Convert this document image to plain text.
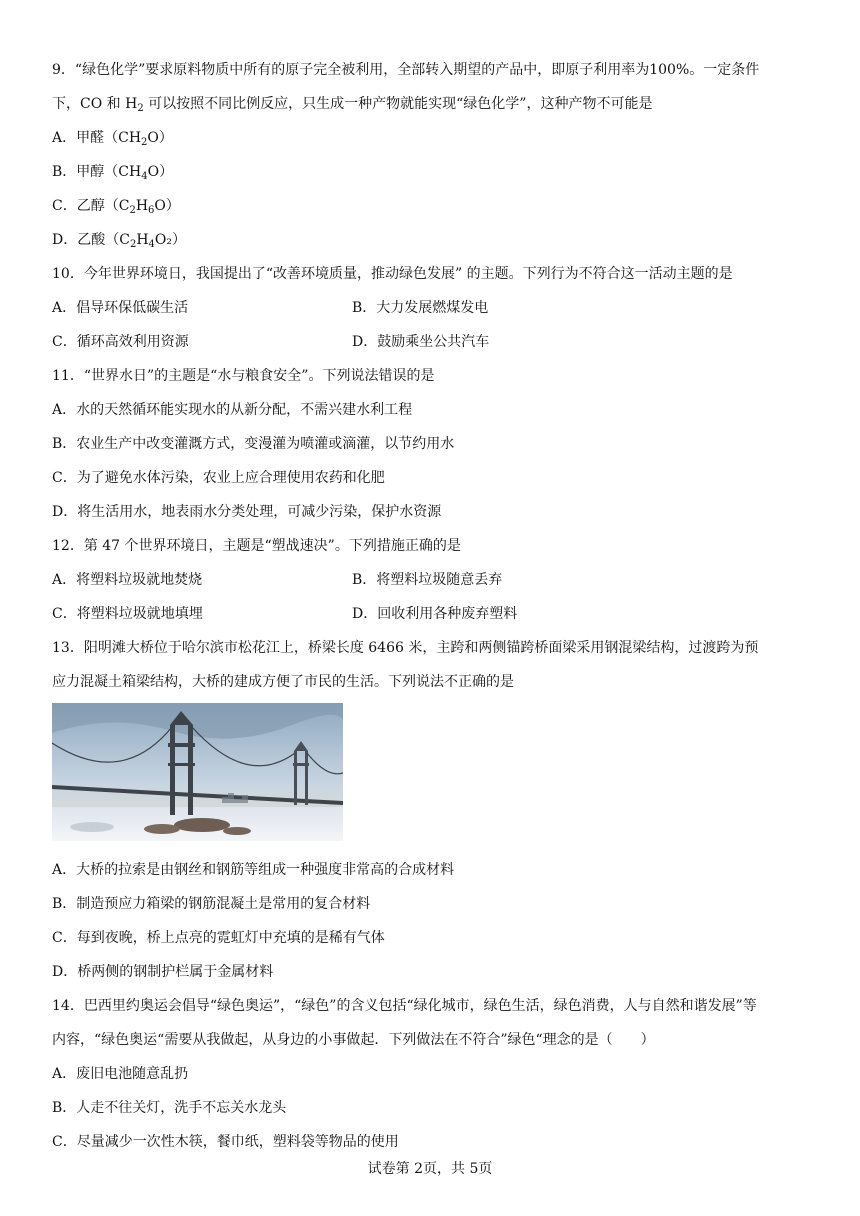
9．“绿色化学”要求原料物质中所有的原子完全被利用，全部转入期望的产品中，即原子利用率为100%。一定条件
下，CO 和 $H_2$ 可以按照不同比例反应，只生成一种产物就能实现“绿色化学”，这种产物不可能是
A．甲醛$(CH_2O)$
B．甲醇$(CH_4O)$
C．乙醇$(C_2H_6O)$
D．乙酸$(C_2H_4O_2)$
10．今年世界环境日，我国提出了“改善环境质量，推动绿色发展” 的主题。下列行为不符合这一活动主题的是
A．倡导环保低碳生活	B．大力发展燃煤发电
C．循环高效利用资源	D．鼓励乘坐公共汽车
11．“世界水日”的主题是“水与粮食安全”。下列说法错误的是
A．水的天然循环能实现水的从新分配，不需兴建水利工程
B．农业生产中改变灌溉方式，变漫灌为喷灌或滴灌，以节约用水
C．为了避免水体污染，农业上应合理使用农药和化肥
D．将生活用水，地表雨水分类处理，可减少污染，保护水资源
12．第 47 个世界环境日，主题是“塑战速决”。下列措施正确的是
A．将塑料垃圾就地焚烧	B．将塑料垃圾随意丢弃
C．将塑料垃圾就地填埋	D．回收利用各种废弃塑料
13．阳明滩大桥位于哈尔滨市松花江上，桥梁长度 6466 米，主跨和两侧锚跨桥面梁采用钢混梁结构，过渡跨为预
应力混凝土箱梁结构，大桥的建成方便了市民的生活。下列说法不正确的是
A．大桥的拉索是由钢丝和钢筋等组成一种强度非常高的合成材料
B．制造预应力箱梁的钢筋混凝土是常用的复合材料
C．每到夜晚，桥上点亮的霓虹灯中充填的是稀有气体
D．桥两侧的钢制护栏属于金属材料
14．巴西里约奥运会倡导“绿色奥运”，“绿色”的含义包括“绿化城市，绿色生活，绿色消费，人与自然和谐发展”等
内容，“绿色奥运“需要从我做起，从身边的小事做起．下列做法在不符合”绿色“理念的是（　　）
A．废旧电池随意乱扔
B．人走不往关灯，洗手不忘关水龙头
C．尽量减少一次性木筷，餐巾纸，塑料袋等物品的使用
试卷第 2页，共 5页
